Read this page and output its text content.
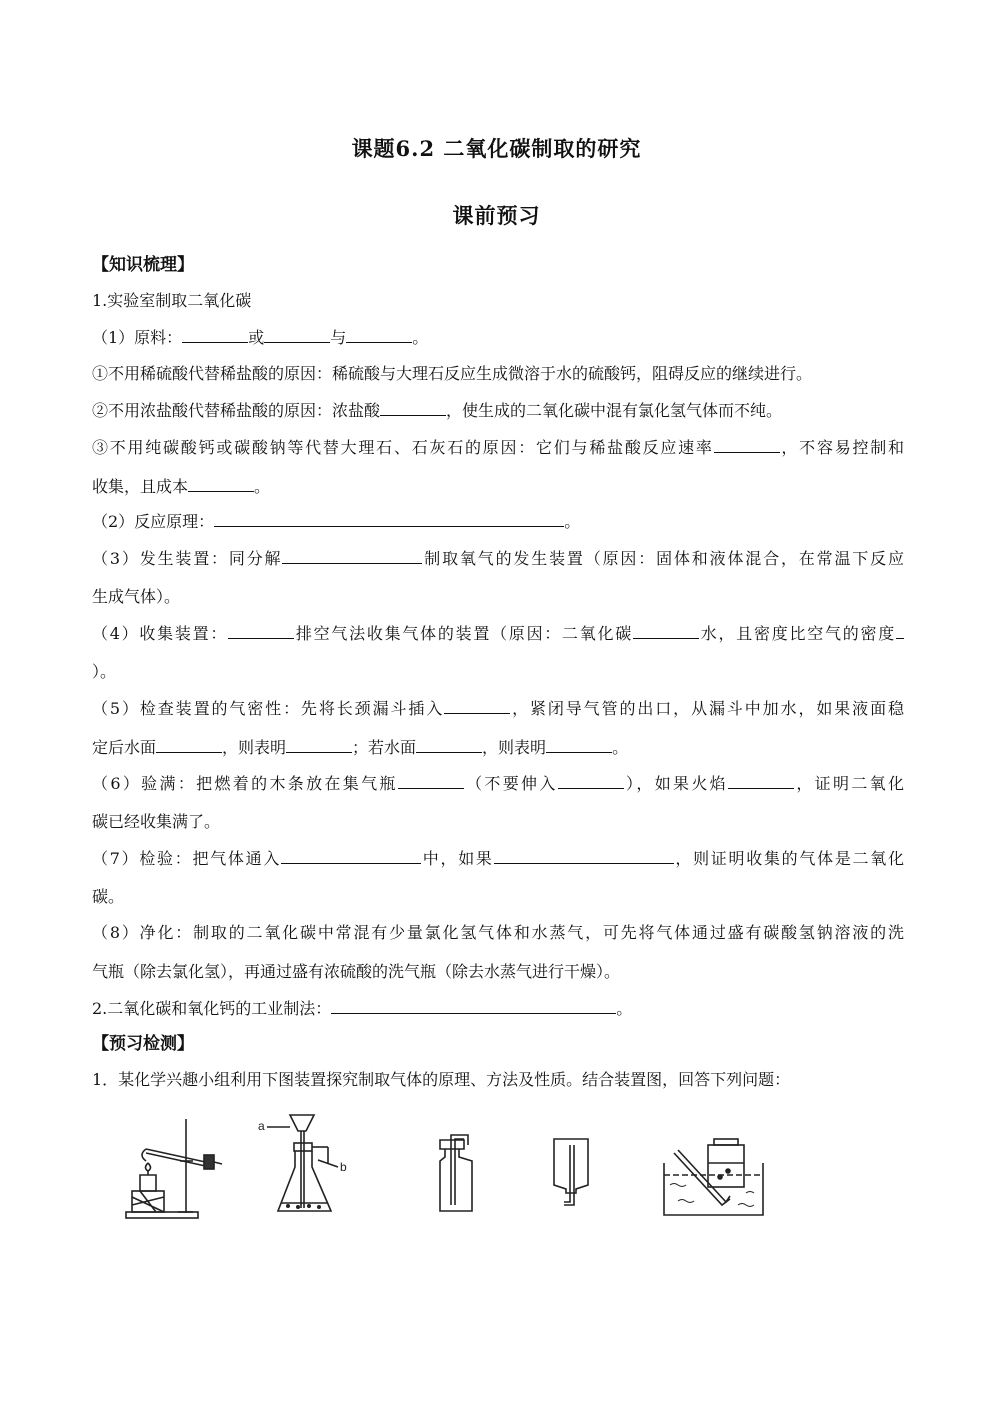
课题6.2 二氧化碳制取的研究
课前预习
【知识梳理】
1.实验室制取二氧化碳
（1）原料：	或	与	。
①不用稀硫酸代替稀盐酸的原因：稀硫酸与大理石反应生成微溶于水的硫酸钙，阻碍反应的继续进行。
②不用浓盐酸代替稀盐酸的原因：浓盐酸	，使生成的二氧化碳中混有氯化氢气体而不纯。
③不用纯碳酸钙或碳酸钠等代替大理石、石灰石的原因：它们与稀盐酸反应速率	，不容易控制和
收集，且成本	。
（2）反应原理：	。
（3）发生装置：同分解	制取氧气的发生装置（原因：固体和液体混合，在常温下反应
生成气体）。
（4）收集装置：	排空气法收集气体的装置（原因：二氧化碳	水，且密度比空气的密度
）。
（5）检查装置的气密性：先将长颈漏斗插入	，紧闭导气管的出口，从漏斗中加水，如果液面稳
定后水面	，则表明	；若水面	，则表明	。
（6）验满：把燃着的木条放在集气瓶	（不要伸入	），如果火焰	，证明二氧化
碳已经收集满了。
（7）检验：把气体通入	中，如果	，则证明收集的气体是二氧化
碳。
（8）净化：制取的二氧化碳中常混有少量氯化氢气体和水蒸气，可先将气体通过盛有碳酸氢钠溶液的洗
气瓶（除去氯化氢），再通过盛有浓硫酸的洗气瓶（除去水蒸气进行干燥）。
2.二氧化碳和氧化钙的工业制法：	。
【预习检测】
1．某化学兴趣小组利用下图装置探究制取气体的原理、方法及性质。结合装置图，回答下列问题：
a
b
